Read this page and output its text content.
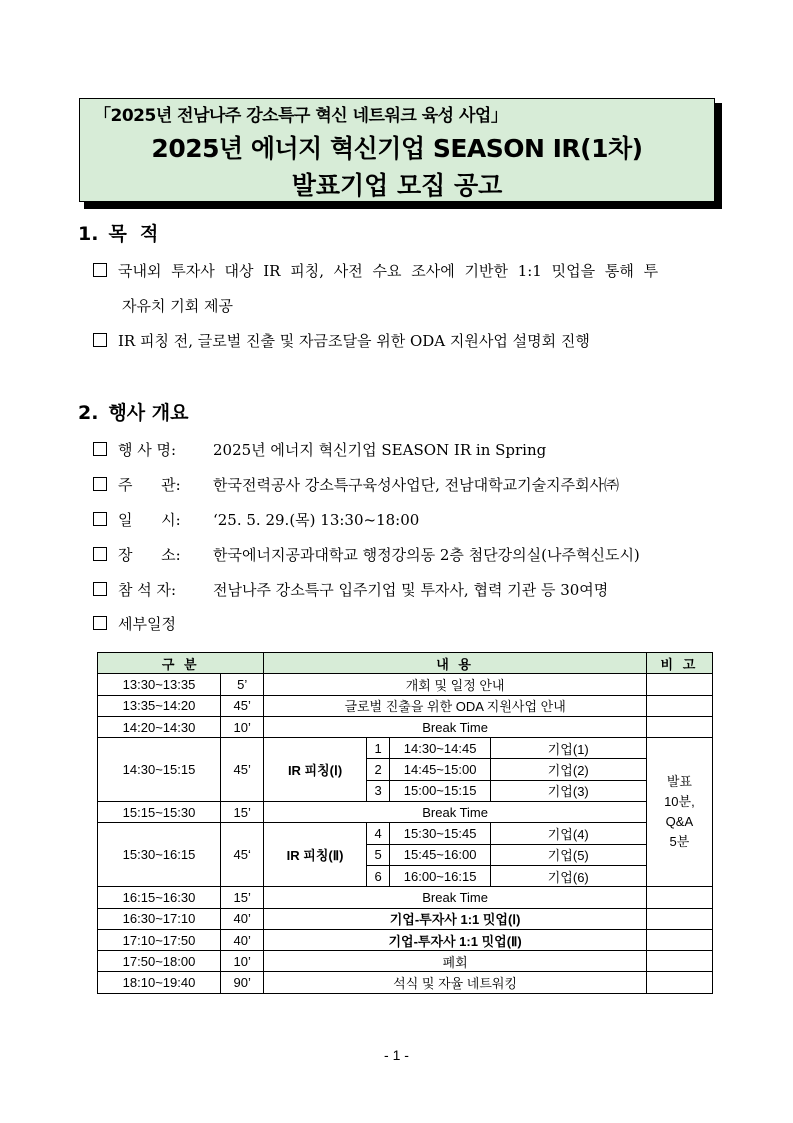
「2025년 전남나주 강소특구 혁신 네트워크 육성 사업」
2025년 에너지 혁신기업 SEASON IR(1차)
발표기업 모집 공고
1. 목  적
국내외 투자사 대상 IR 피칭, 사전 수요 조사에 기반한 1:1 밋업을 통해 투
자유치 기회 제공
IR 피칭 전, 글로벌 진출 및 자금조달을 위한 ODA 지원사업 설명회 진행
2. 행사 개요
행 사 명: 2025년 에너지 혁신기업 SEASON IR in Spring
주      관: 한국전력공사 강소특구육성사업단, 전남대학교기술지주회사㈜
일      시: ‘25. 5. 29.(목) 13:30~18:00
장      소: 한국에너지공과대학교 행정강의동 2층 첨단강의실(나주혁신도시)
참 석 자: 전남나주 강소특구 입주기업 및 투자사, 협력 기관 등 30여명
세부일정
구 분		내 용				비 고
13:30~13:35	5’	개회 및 일정 안내				
13:35~14:20	45’	글로벌 진출을 위한 ODA 지원사업 안내				
14:20~14:30	10’	Break Time				
14:30~15:15	45’	IR 피칭(Ⅰ)	1	14:30~14:45	기업(1)	발표
10분,
Q&A
5분
			2	14:45~15:00	기업(2)	
			3	15:00~15:15	기업(3)	
15:15~15:30	15’	Break Time				
15:30~16:15	45‘	IR 피칭(Ⅱ)	4	15:30~15:45	기업(4)	
			5	15:45~16:00	기업(5)	
			6	16:00~16:15	기업(6)	
16:15~16:30	15’	Break Time				
16:30~17:10	40’	기업-투자사 1:1 밋업(Ⅰ)				
17:10~17:50	40’	기업-투자사 1:1 밋업(Ⅱ)				
17:50~18:00	10’	폐회				
18:10~19:40	90’	석식 및 자율 네트워킹				
- 1 -
